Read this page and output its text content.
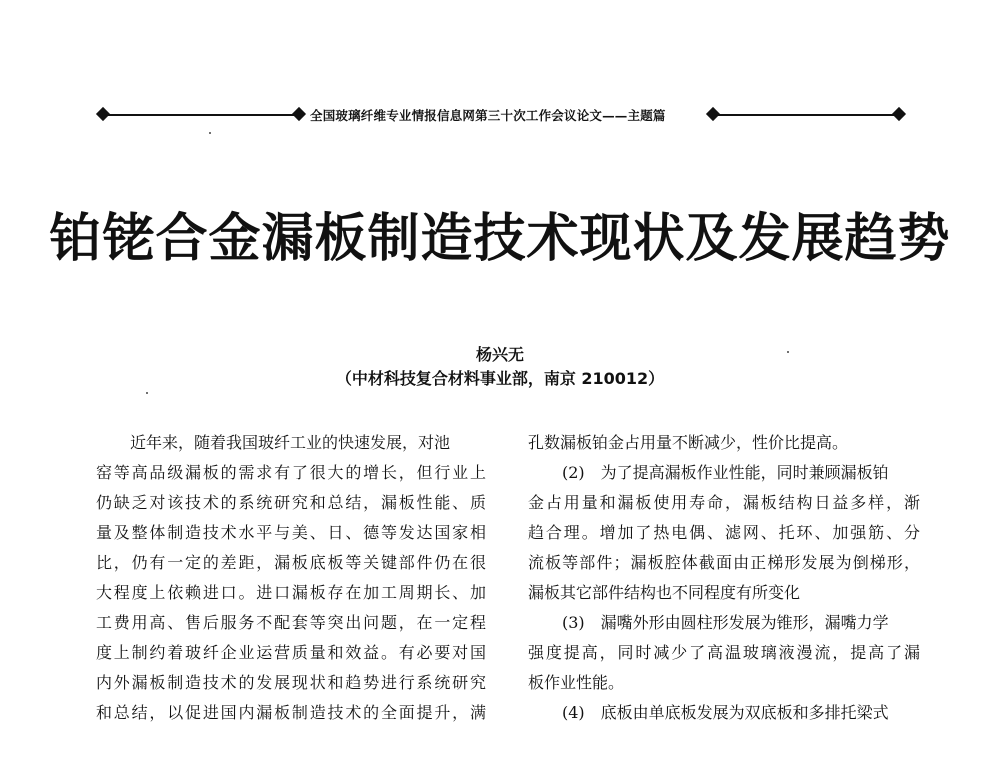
全国玻璃纤维专业情报信息网第三十次工作会议论文——主题篇
铂铑合金漏板制造技术现状及发展趋势
杨兴无
（中材科技复合材料事业部，南京 210012）
近年来，随着我国玻纤工业的快速发展，对池
窑等高品级漏板的需求有了很大的增长，但行业上
仍缺乏对该技术的系统研究和总结，漏板性能、质
量及整体制造技术水平与美、日、德等发达国家相
比，仍有一定的差距，漏板底板等关键部件仍在很
大程度上依赖进口。进口漏板存在加工周期长、加
工费用高、售后服务不配套等突出问题，在一定程
度上制约着玻纤企业运营质量和效益。有必要对国
内外漏板制造技术的发展现状和趋势进行系统研究
和总结，以促进国内漏板制造技术的全面提升，满
孔数漏板铂金占用量不断减少，性价比提高。
(2)　为了提高漏板作业性能，同时兼顾漏板铂
金占用量和漏板使用寿命，漏板结构日益多样，渐
趋合理。增加了热电偶、滤网、托环、加强筋、分
流板等部件；漏板腔体截面由正梯形发展为倒梯形，
漏板其它部件结构也不同程度有所变化
(3)　漏嘴外形由圆柱形发展为锥形，漏嘴力学
强度提高，同时减少了高温玻璃液漫流，提高了漏
板作业性能。
(4)　底板由单底板发展为双底板和多排托梁式
